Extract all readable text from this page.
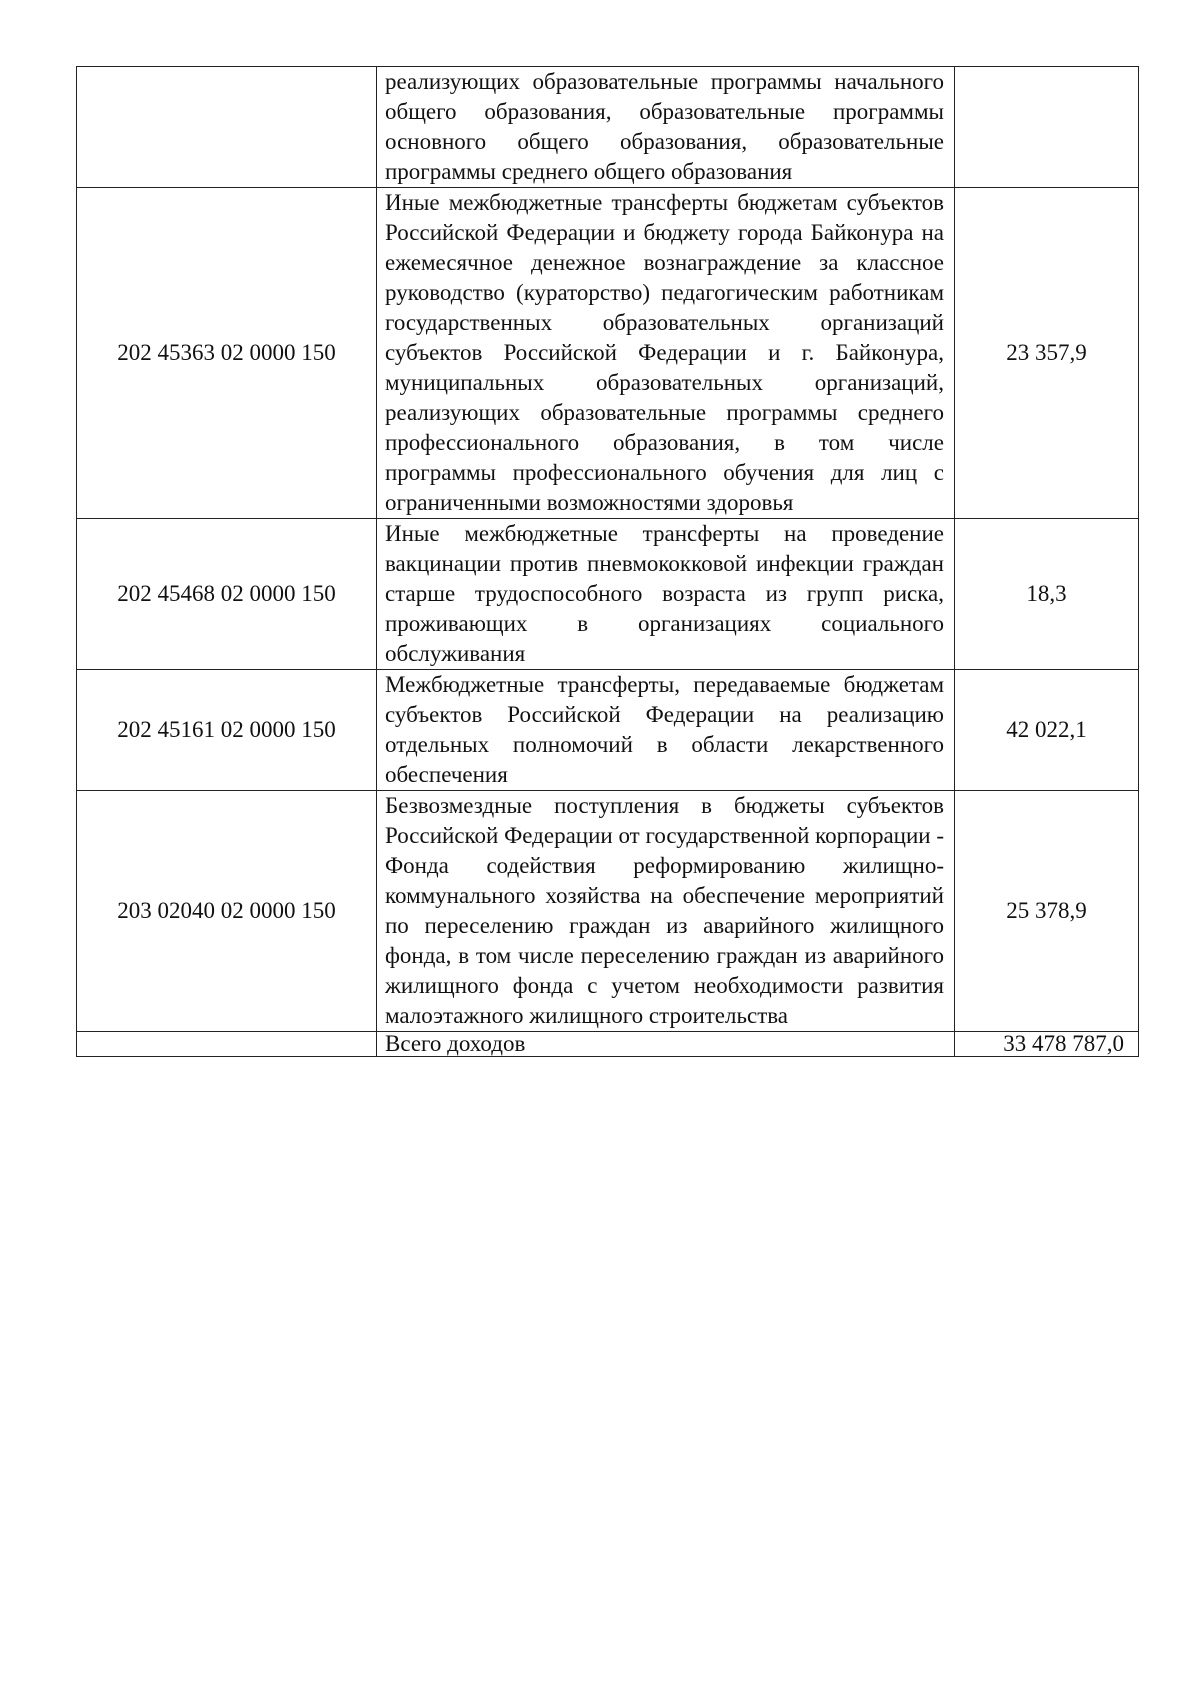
	реализующих образовательные программы начального общего образования, образовательные программы основного общего образования, образовательные программы среднего общего образования	
202 45363 02 0000 150	Иные межбюджетные трансферты бюджетам субъектов Российской Федерации и бюджету города Байконура на ежемесячное денежное вознаграждение за классное руководство (кураторство) педагогическим работникам государственных образовательных организаций субъектов Российской Федерации и г. Байконура, муниципальных образовательных организаций, реализующих образовательные программы среднего профессионального образования, в том числе программы профессионального обучения для лиц с ограниченными возможностями здоровья	23 357,9
202 45468 02 0000 150	Иные межбюджетные трансферты на проведение вакцинации против пневмококковой инфекции граждан старше трудоспособного возраста из групп риска, проживающих в организациях социального обслуживания	18,3
202 45161 02 0000 150	Межбюджетные трансферты, передаваемые бюджетам субъектов Российской Федерации на реализацию отдельных полномочий в области лекарственного обеспечения	42 022,1
203 02040 02 0000 150	Безвозмездные поступления в бюджеты субъектов Российской Федерации от государственной корпорации - Фонда содействия реформированию жилищно-коммунального хозяйства на обеспечение мероприятий по переселению граждан из аварийного жилищного фонда, в том числе переселению граждан из аварийного жилищного фонда с учетом необходимости развития малоэтажного жилищного строительства	25 378,9
	Всего доходов	33 478 787,0
